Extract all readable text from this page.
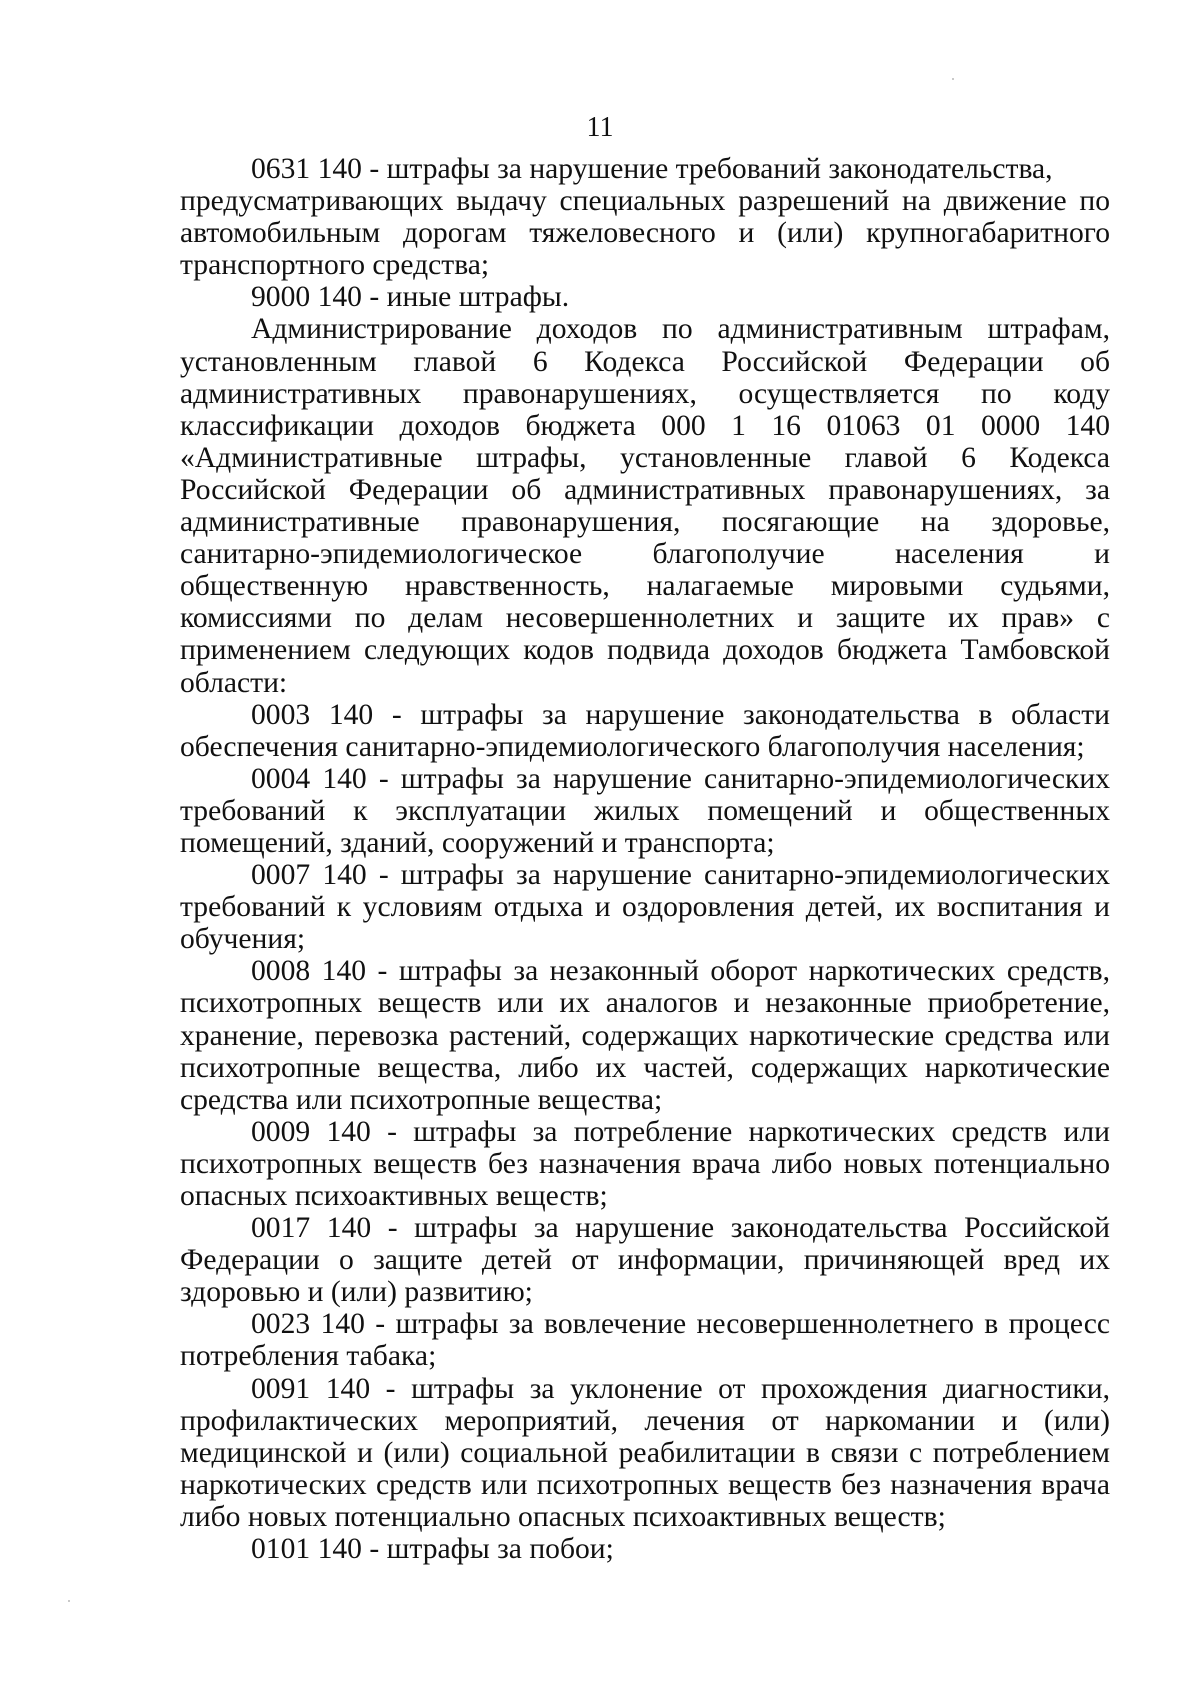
11

0631 140 - штрафы за нарушение требований законодательства,

предусматривающих выдачу специальных разрешений на движение по автомобильным дорогам тяжеловесного и (или) крупногабаритного транспортного средства;

9000 140 - иные штрафы.

Администрирование доходов по административным штрафам, установленным главой 6 Кодекса Российской Федерации об административных правонарушениях, осуществляется по коду классификации доходов бюджета 000 1 16 01063 01 0000 140 «Административные штрафы, установленные главой 6 Кодекса Российской Федерации об административных правонарушениях, за административные правонарушения, посягающие на здоровье, санитарно-эпидемиологическое благополучие населения и общественную нравственность, налагаемые мировыми судьями, комиссиями по делам несовершеннолетних и защите их прав» с применением следующих кодов подвида доходов бюджета Тамбовской области:

0003 140 - штрафы за нарушение законодательства в области обеспечения санитарно-эпидемиологического благополучия населения;

0004 140 - штрафы за нарушение санитарно-эпидемиологических требований к эксплуатации жилых помещений и общественных помещений, зданий, сооружений и транспорта;

0007 140 - штрафы за нарушение санитарно-эпидемиологических требований к условиям отдыха и оздоровления детей, их воспитания и обучения;

0008 140 - штрафы за незаконный оборот наркотических средств, психотропных веществ или их аналогов и незаконные приобретение, хранение, перевозка растений, содержащих наркотические средства или психотропные вещества, либо их частей, содержащих наркотические средства или психотропные вещества;

0009 140 - штрафы за потребление наркотических средств или психотропных веществ без назначения врача либо новых потенциально опасных психоактивных веществ;

0017 140 - штрафы за нарушение законодательства Российской Федерации о защите детей от информации, причиняющей вред их здоровью и (или) развитию;

0023 140 - штрафы за вовлечение несовершеннолетнего в процесс потребления табака;

0091 140 - штрафы за уклонение от прохождения диагностики, профилактических мероприятий, лечения от наркомании и (или) медицинской и (или) социальной реабилитации в связи с потреблением наркотических средств или психотропных веществ без назначения врача либо новых потенциально опасных психоактивных веществ;

0101 140 - штрафы за побои;
